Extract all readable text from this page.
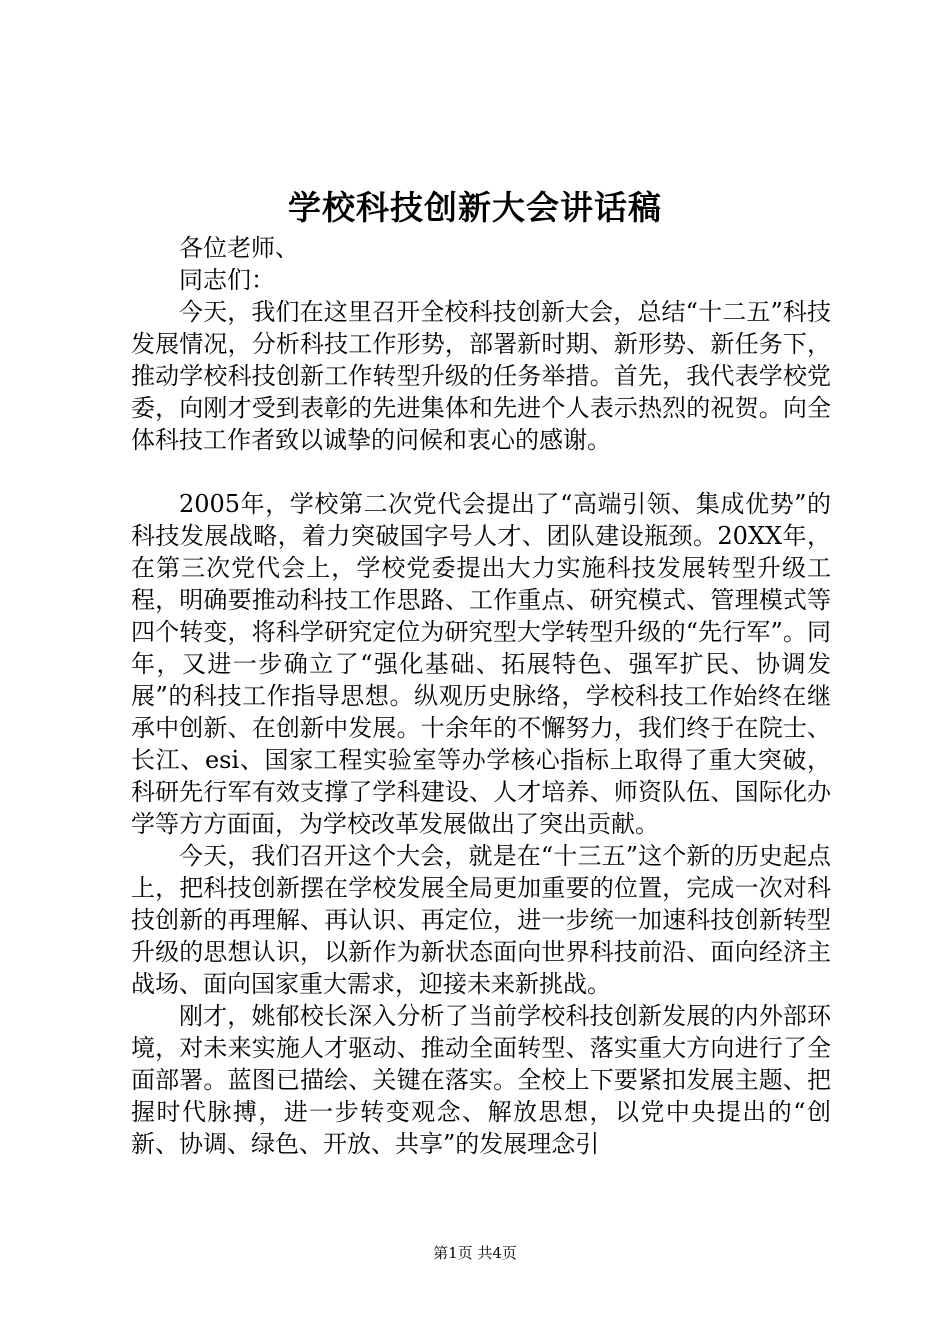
学校科技创新大会讲话稿

各位老师、

同志们：

今天，我们在这里召开全校科技创新大会，总结“十二五”科技发展情况，分析科技工作形势，部署新时期、新形势、新任务下，推动学校科技创新工作转型升级的任务举措。首先，我代表学校党委，向刚才受到表彰的先进集体和先进个人表示热烈的祝贺。向全体科技工作者致以诚挚的问候和衷心的感谢。

2005年，学校第二次党代会提出了“高端引领、集成优势”的科技发展战略，着力突破国字号人才、团队建设瓶颈。20XX年，在第三次党代会上，学校党委提出大力实施科技发展转型升级工程，明确要推动科技工作思路、工作重点、研究模式、管理模式等四个转变，将科学研究定位为研究型大学转型升级的“先行军”。同年，又进一步确立了“强化基础、拓展特色、强军扩民、协调发展”的科技工作指导思想。纵观历史脉络，学校科技工作始终在继承中创新、在创新中发展。十余年的不懈努力，我们终于在院士、长江、esi、国家工程实验室等办学核心指标上取得了重大突破，科研先行军有效支撑了学科建设、人才培养、师资队伍、国际化办学等方方面面，为学校改革发展做出了突出贡献。

今天，我们召开这个大会，就是在“十三五”这个新的历史起点上，把科技创新摆在学校发展全局更加重要的位置，完成一次对科技创新的再理解、再认识、再定位，进一步统一加速科技创新转型升级的思想认识，以新作为新状态面向世界科技前沿、面向经济主战场、面向国家重大需求，迎接未来新挑战。

刚才，姚郁校长深入分析了当前学校科技创新发展的内外部环境，对未来实施人才驱动、推动全面转型、落实重大方向进行了全面部署。蓝图已描绘、关键在落实。全校上下要紧扣发展主题、把握时代脉搏，进一步转变观念、解放思想，以党中央提出的“创新、协调、绿色、开放、共享”的发展理念引

第1页 共4页
